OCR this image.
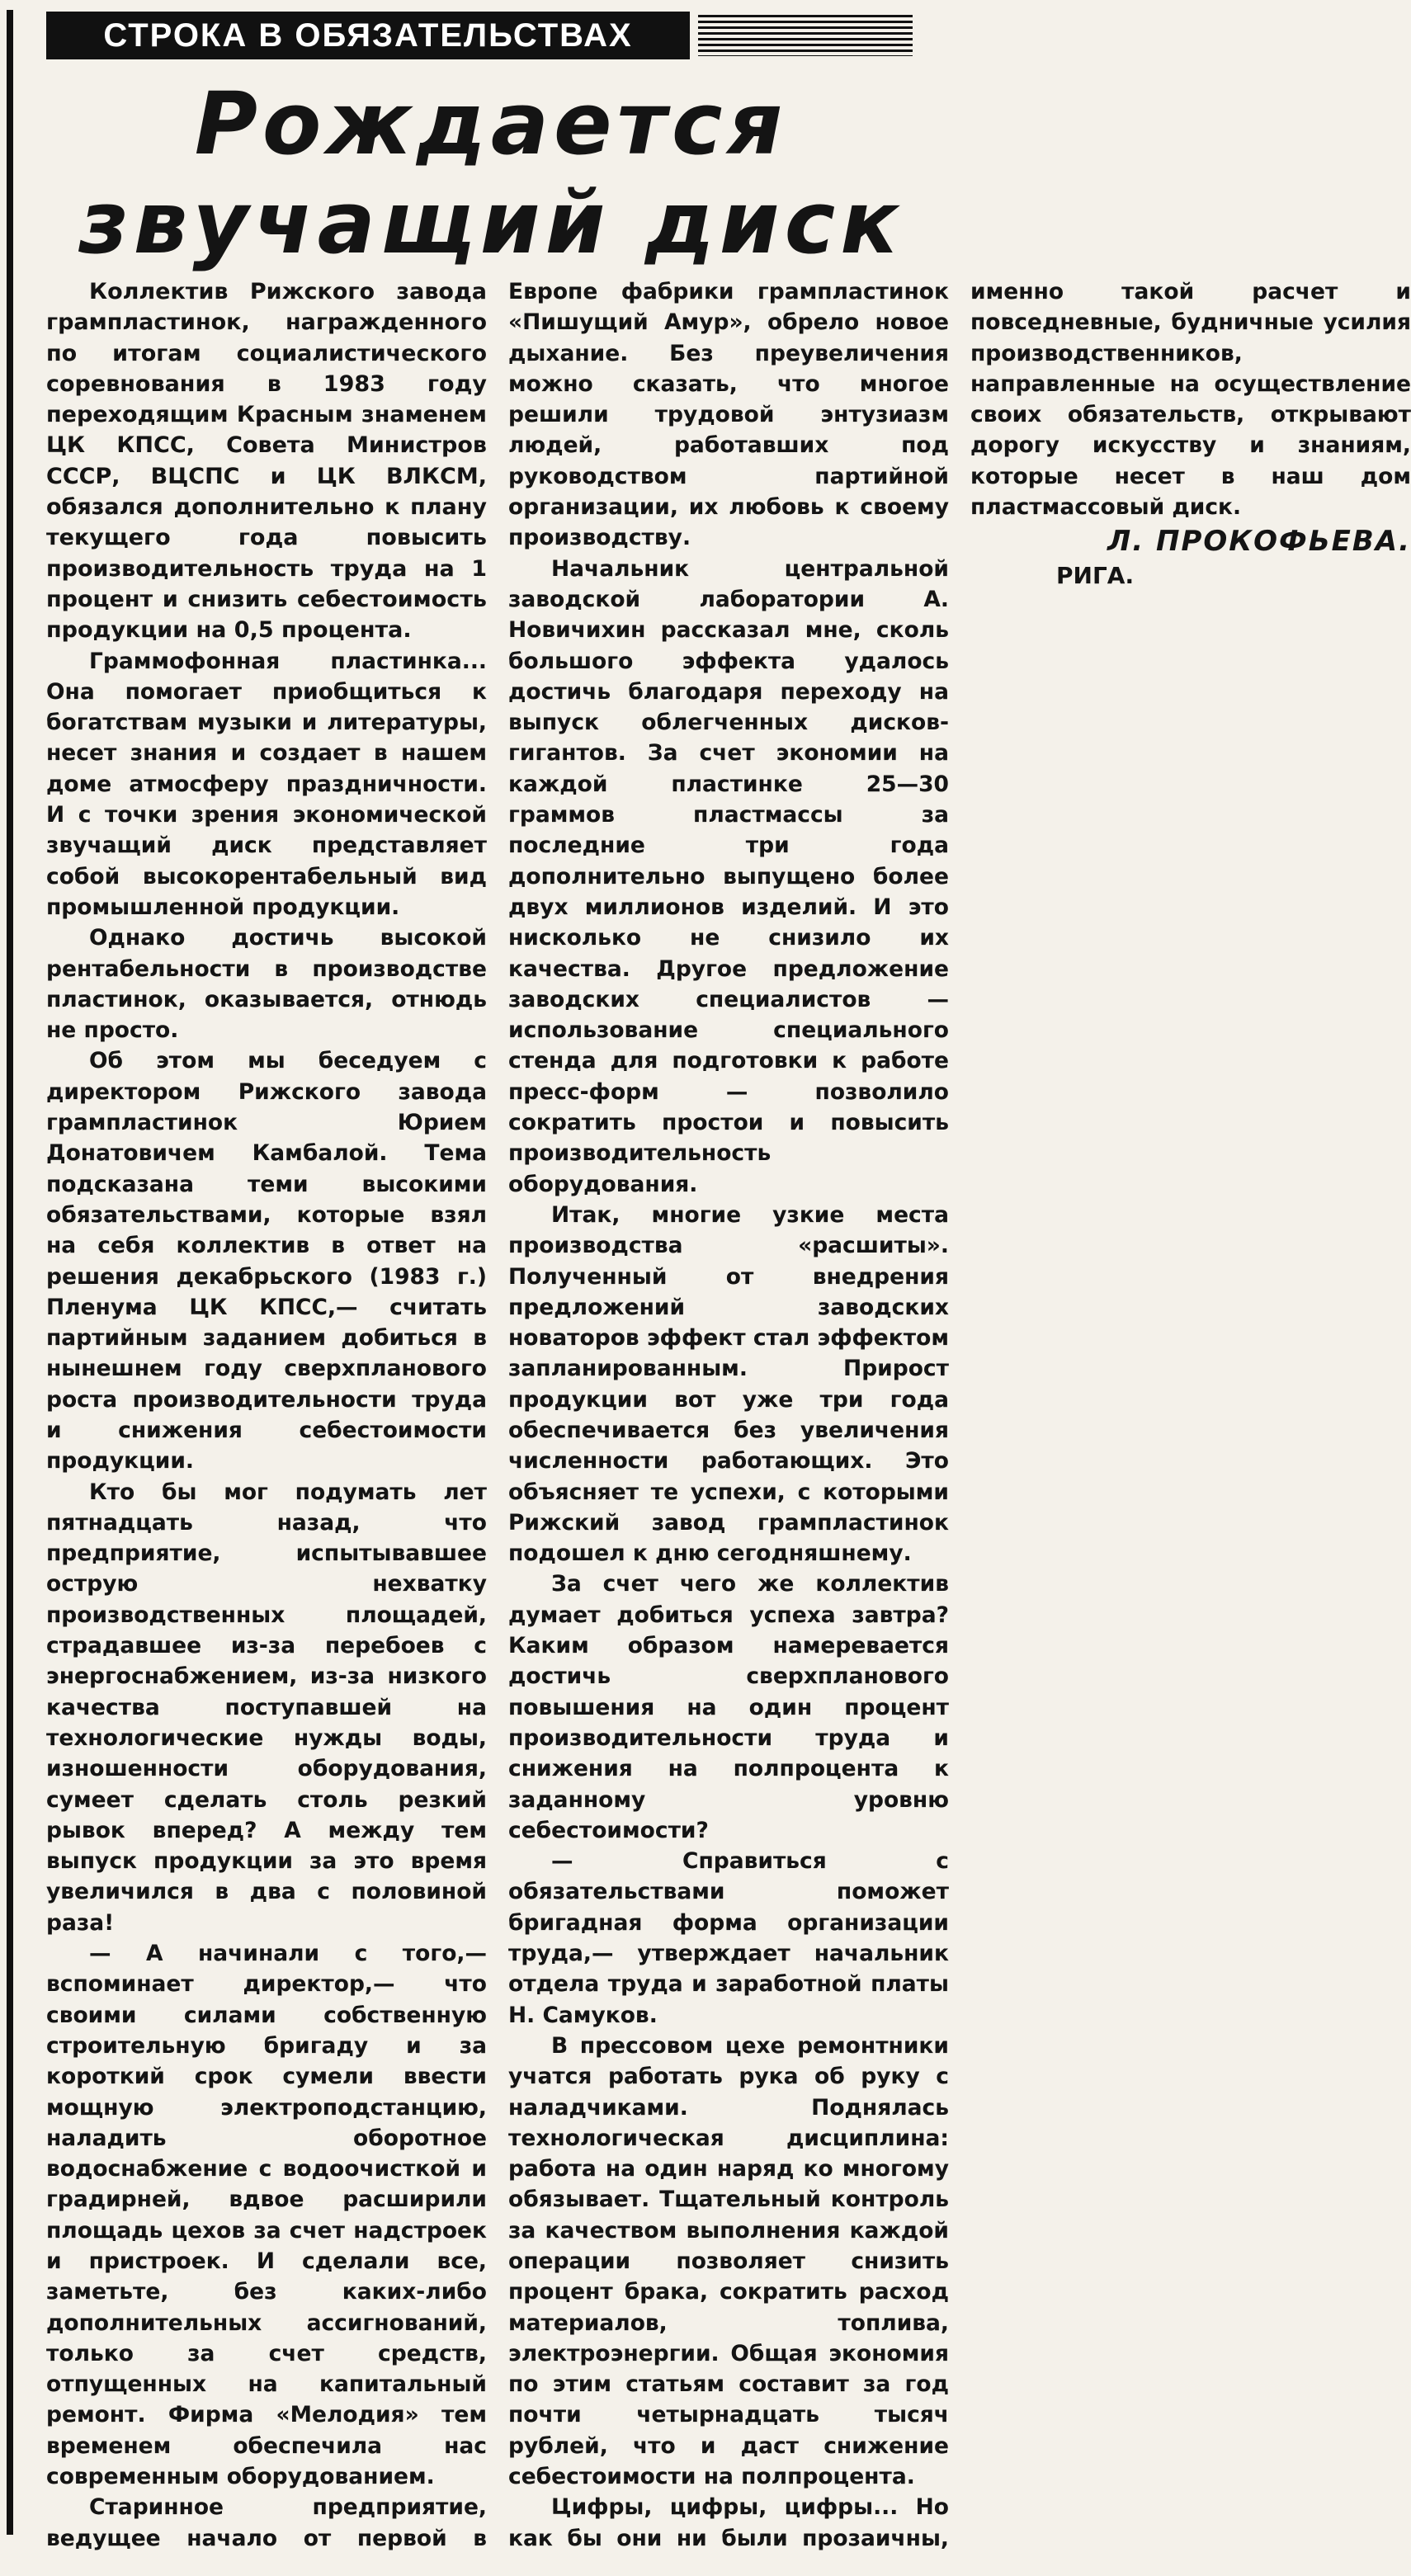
СТРОКА В ОБЯЗАТЕЛЬСТВАХ
Рождается
звучащий диск

Коллектив Рижского завода грампластинок, награжденного по итогам социалистического соревнования в 1983 году переходящим Красным знаменем ЦК КПСС, Совета Министров СССР, ВЦСПС и ЦК ВЛКСМ, обязался дополнительно к плану текущего года повысить производительность труда на 1 процент и снизить себестоимость продукции на 0,5 процента.

Граммофонная пластинка... Она помогает приобщиться к богатствам музыки и литературы, несет знания и создает в нашем доме атмосферу праздничности. И с точки зрения экономической звучащий диск представляет собой высокорентабельный вид промышленной продукции.

Однако достичь высокой рентабельности в производстве пластинок, оказывается, отнюдь не просто.

Об этом мы беседуем с директором Рижского завода грампластинок Юрием Донатовичем Камбалой. Тема подсказана теми высокими обязательствами, которые взял на себя коллектив в ответ на решения декабрьского (1983 г.) Пленума ЦК КПСС,— считать партийным заданием добиться в нынешнем году сверхпланового роста производительности труда и снижения себестоимости продукции.

Кто бы мог подумать лет пятнадцать назад, что предприятие, испытывавшее острую нехватку производственных площадей, страдавшее из-за перебоев с энергоснабжением, из-за низкого качества поступавшей на технологические нужды воды, изношенности оборудования, сумеет сделать столь резкий рывок вперед? А между тем выпуск продукции за это время увеличился в два с половиной раза!

— А начинали с того,— вспоминает директор,— что своими силами собственную строительную бригаду и за короткий срок сумели ввести мощную электроподстанцию, наладить оборотное водоснабжение с водоочисткой и градирней, вдвое расширили площадь цехов за счет надстроек и пристроек. И сделали все, заметьте, без каких-либо дополнительных ассигнований, только за счет средств, отпущенных на капитальный ремонт. Фирма «Мелодия» тем временем обеспечила нас современным оборудованием.

Старинное предприятие, ведущее начало от первой в Европе фабрики грампластинок «Пишущий Амур», обрело новое дыхание. Без преувеличения можно сказать, что многое решили трудовой энтузиазм людей, работавших под руководством партийной организации, их любовь к своему производству.

Начальник центральной заводской лаборатории А. Новичихин рассказал мне, сколь большого эффекта удалось достичь благодаря переходу на выпуск облегченных дисков-гигантов. За счет экономии на каждой пластинке 25—30 граммов пластмассы за последние три года дополнительно выпущено более двух миллионов изделий. И это нисколько не снизило их качества. Другое предложение заводских специалистов — использование специального стенда для подготовки к работе пресс-форм — позволило сократить простои и повысить производительность оборудования.

Итак, многие узкие места производства «расшиты». Полученный от внедрения предложений заводских новаторов эффект стал эффектом запланированным. Прирост продукции вот уже три года обеспечивается без увеличения численности работающих. Это объясняет те успехи, с которыми Рижский завод грампластинок подошел к дню сегодняшнему.

За счет чего же коллектив думает добиться успеха завтра? Каким образом намеревается достичь сверхпланового повышения на один процент производительности труда и снижения на полпроцента к заданному уровню себестоимости?

— Справиться с обязательствами поможет бригадная форма организации труда,— утверждает начальник отдела труда и заработной платы Н. Самуков.

В прессовом цехе ремонтники учатся работать рука об руку с наладчиками. Поднялась технологическая дисциплина: работа на один наряд ко многому обязывает. Тщательный контроль за качеством выполнения каждой операции позволяет снизить процент брака, сократить расход материалов, топлива, электроэнергии. Общая экономия по этим статьям составит за год почти четырнадцать тысяч рублей, что и даст снижение себестоимости на полпроцента.

Цифры, цифры, цифры... Но как бы они ни были прозаичны, именно такой расчет и повседневные, будничные усилия производственников, направленные на осуществление своих обязательств, открывают дорогу искусству и знаниям, которые несет в наш дом пластмассовый диск.

Л. ПРОКОФЬЕВА.
РИГА.
